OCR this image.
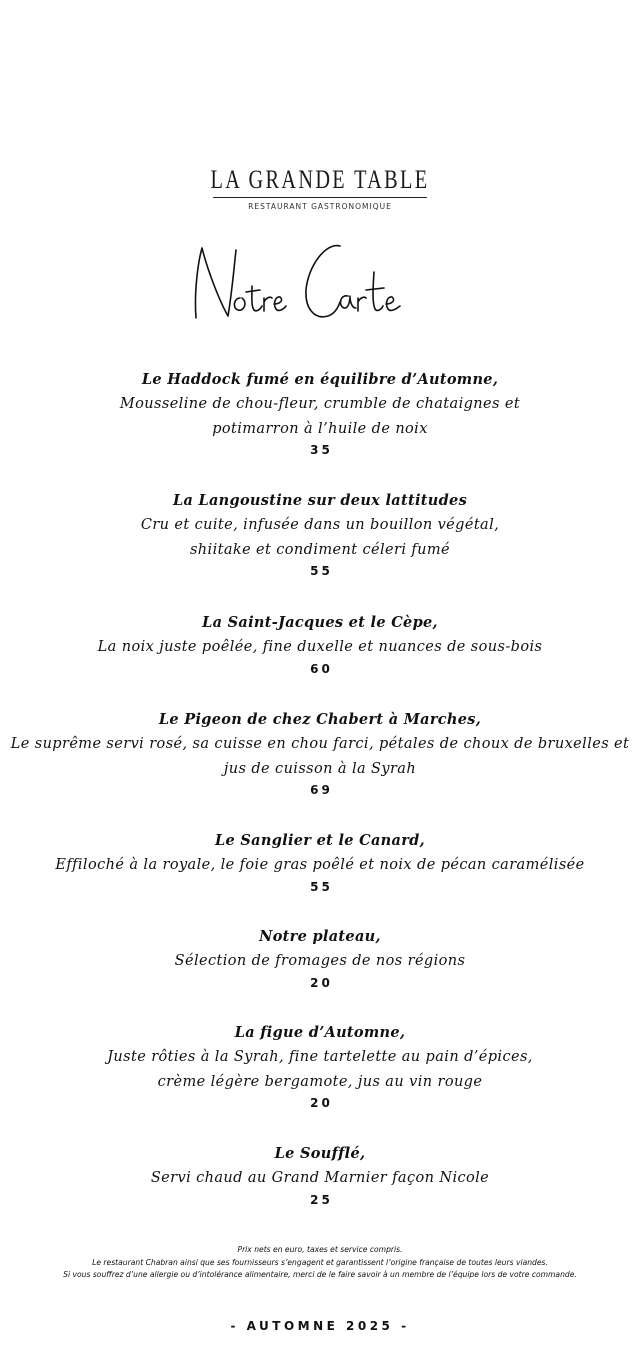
LA GRANDE TABLE
RESTAURANT GASTRONOMIQUE
Le Haddock fumé en équilibre d’Automne,
Mousseline de chou-fleur, crumble de chataignes et
potimarron à l’huile de noix
35
La Langoustine sur deux lattitudes
Cru et cuite, infusée dans un bouillon végétal,
shiitake et condiment céleri fumé
55
La Saint-Jacques et le Cèpe,
La noix juste poêlée, fine duxelle et nuances de sous-bois
60
Le Pigeon de chez Chabert à Marches,
Le suprême servi rosé, sa cuisse en chou farci, pétales de choux de bruxelles et
jus de cuisson à la Syrah
69
Le Sanglier et le Canard,
Effiloché à la royale, le foie gras poêlé et noix de pécan caramélisée
55
Notre plateau,
Sélection de fromages de nos régions
20
La figue d’Automne,
Juste rôties à la Syrah, fine tartelette au pain d’épices,
crème légère bergamote, jus au vin rouge
20
Le Soufflé,
Servi chaud au Grand Marnier façon Nicole
25
Prix nets en euro, taxes et service compris.
Le restaurant Chabran ainsi que ses fournisseurs s’engagent et garantissent l’origine française de toutes leurs viandes.
Si vous souffrez d’une allergie ou d’intolérance alimentaire, merci de le faire savoir à un membre de l’équipe lors de votre commande.
- AUTOMNE 2025 -
